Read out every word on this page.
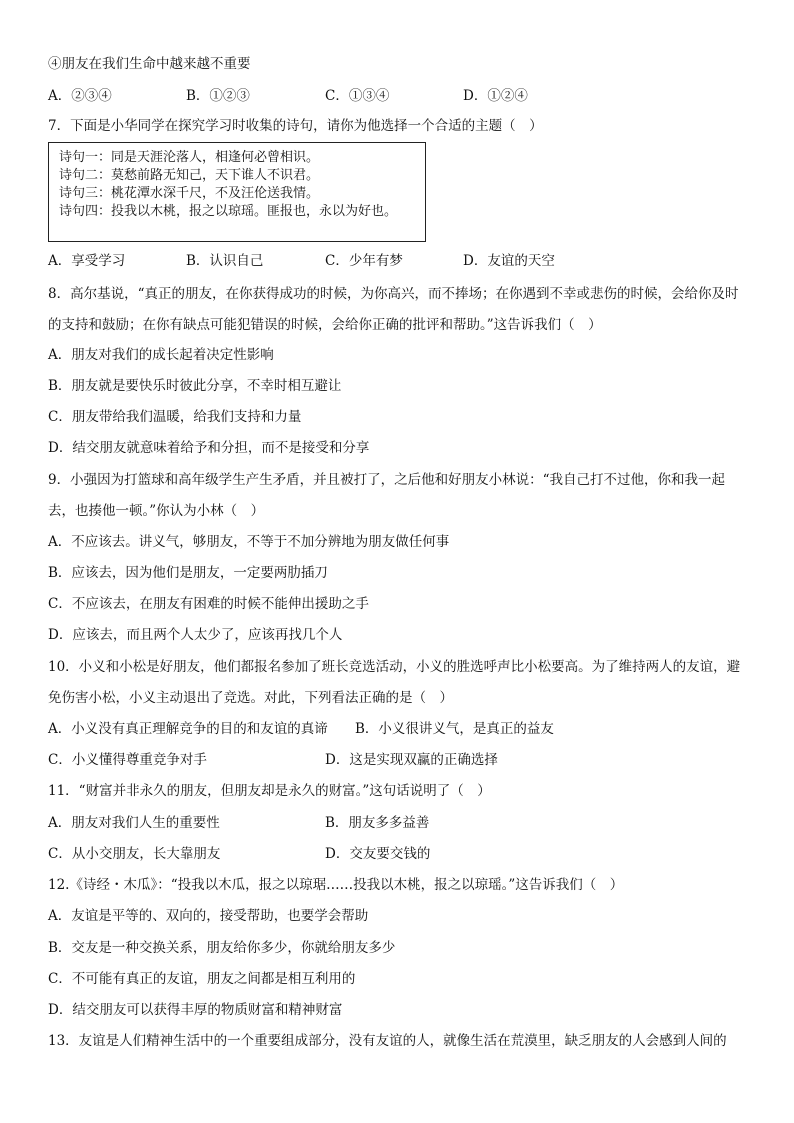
④朋友在我们生命中越来越不重要
A．②③④	B．①②③	C．①③④	D．①②④
7．下面是小华同学在探究学习时收集的诗句，请你为他选择一个合适的主题（　）
诗句一：同是天涯沦落人，相逢何必曾相识。
诗句二：莫愁前路无知己，天下谁人不识君。
诗句三：桃花潭水深千尺，不及汪伦送我情。
诗句四：投我以木桃，报之以琼瑶。匪报也，永以为好也。
A．享受学习	B．认识自己	C．少年有梦	D．友谊的天空
8．高尔基说，“真正的朋友，在你获得成功的时候，为你高兴，而不捧场；在你遇到不幸或悲伤的时候，会给你及时的支持和鼓励；在你有缺点可能犯错误的时候，会给你正确的批评和帮助。”这告诉我们（　）
A．朋友对我们的成长起着决定性影响
B．朋友就是要快乐时彼此分享，不幸时相互避让
C．朋友带给我们温暖，给我们支持和力量
D．结交朋友就意味着给予和分担，而不是接受和分享
9．小强因为打篮球和高年级学生产生矛盾，并且被打了，之后他和好朋友小林说：“我自己打不过他，你和我一起去，也揍他一顿。”你认为小林（　）
A．不应该去。讲义气，够朋友，不等于不加分辨地为朋友做任何事
B．应该去，因为他们是朋友，一定要两肋插刀
C．不应该去，在朋友有困难的时候不能伸出援助之手
D．应该去，而且两个人太少了，应该再找几个人
10．小义和小松是好朋友，他们都报名参加了班长竞选活动，小义的胜选呼声比小松要高。为了维持两人的友谊，避免伤害小松，小义主动退出了竞选。对此，下列看法正确的是（　）
A．小义没有真正理解竞争的目的和友谊的真谛 B．小义很讲义气，是真正的益友
C．小义懂得尊重竞争对手	D．这是实现双赢的正确选择
11．“财富并非永久的朋友，但朋友却是永久的财富。”这句话说明了（　）
A．朋友对我们人生的重要性	B．朋友多多益善
C．从小交朋友，长大靠朋友	D．交友要交钱的
12.《诗经・木瓜》：“投我以木瓜，报之以琼琚……投我以木桃，报之以琼瑶。”这告诉我们（　）
A．友谊是平等的、双向的，接受帮助，也要学会帮助
B．交友是一种交换关系，朋友给你多少，你就给朋友多少
C．不可能有真正的友谊，朋友之间都是相互利用的
D．结交朋友可以获得丰厚的物质财富和精神财富
13．友谊是人们精神生活中的一个重要组成部分，没有友谊的人，就像生活在荒漠里，缺乏朋友的人会感到人间的
